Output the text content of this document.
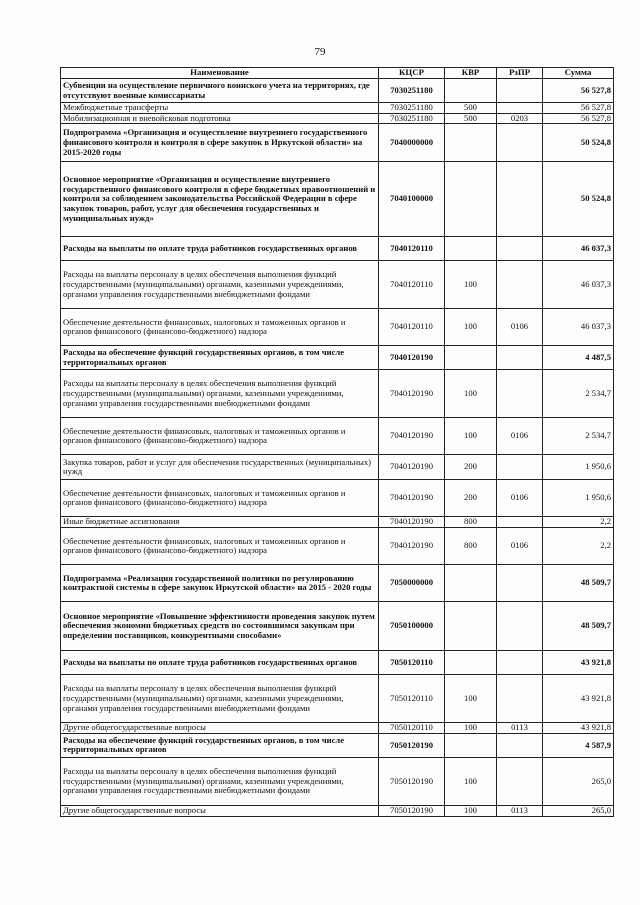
79
Наименование	КЦСР	КВР	РзПР	Сумма
Субвенции на осуществление первичного воинского учета на территориях, где отсутствуют военные комиссариаты	7030251180			56 527,8
Межбюджетные трансферты	7030251180	500		56 527,8
Мобилизационная и вневойсковая подготовка	7030251180	500	0203	56 527,8
Подпрограмма «Организация и осуществление внутреннего государственного финансового контроля и контроля в сфере закупок в Иркутской области» на 2015-2020 годы	7040000000			50 524,8
Основное мероприятие «Организация и осуществление внутреннего государственного финансового контроля в сфере бюджетных правоотношений и контроля за соблюдением законодательства Российской Федерации в сфере закупок товаров, работ, услуг для обеспечения государственных и муниципальных нужд»	7040100000			50 524,8
Расходы на выплаты по оплате труда работников государственных органов	7040120110			46 037,3
Расходы на выплаты персоналу в целях обеспечения выполнения функций государственными (муниципальными) органами, казенными учреждениями, органами управления государственными внебюджетными фондами	7040120110	100		46 037,3
Обеспечение деятельности финансовых, налоговых и таможенных органов и органов финансового (финансово-бюджетного) надзора	7040120110	100	0106	46 037,3
Расходы на обеспечение функций государственных органов, в том числе территориальных органов	7040120190			4 487,5
Расходы на выплаты персоналу в целях обеспечения выполнения функций государственными (муниципальными) органами, казенными учреждениями, органами управления государственными внебюджетными фондами	7040120190	100		2 534,7
Обеспечение деятельности финансовых, налоговых и таможенных органов и органов финансового (финансово-бюджетного) надзора	7040120190	100	0106	2 534,7
Закупка товаров, работ и услуг для обеспечения государственных (муниципальных) нужд	7040120190	200		1 950,6
Обеспечение деятельности финансовых, налоговых и таможенных органов и органов финансового (финансово-бюджетного) надзора	7040120190	200	0106	1 950,6
Иные бюджетные ассигнования	7040120190	800		2,2
Обеспечение деятельности финансовых, налоговых и таможенных органов и органов финансового (финансово-бюджетного) надзора	7040120190	800	0106	2,2
Подпрограмма «Реализация государственной политики по регулированию контрактной системы в сфере закупок Иркутской области» на 2015 - 2020 годы	7050000000			48 509,7
Основное мероприятие «Повышение эффективности проведения закупок путем обеспечения экономии бюджетных средств по состоявшимся закупкам при определении поставщиков, конкурентными способами»	7050100000			48 509,7
Расходы на выплаты по оплате труда работников государственных органов	7050120110			43 921,8
Расходы на выплаты персоналу в целях обеспечения выполнения функций государственными (муниципальными) органами, казенными учреждениями, органами управления государственными внебюджетными фондами	7050120110	100		43 921,8
Другие общегосударственные вопросы	7050120110	100	0113	43 921,8
Расходы на обеспечение функций государственных органов, в том числе территориальных органов	7050120190			4 587,9
Расходы на выплаты персоналу в целях обеспечения выполнения функций государственными (муниципальными) органами, казенными учреждениями, органами управления государственными внебюджетными фондами	7050120190	100		265,0
Другие общегосударственные вопросы	7050120190	100	0113	265,0
